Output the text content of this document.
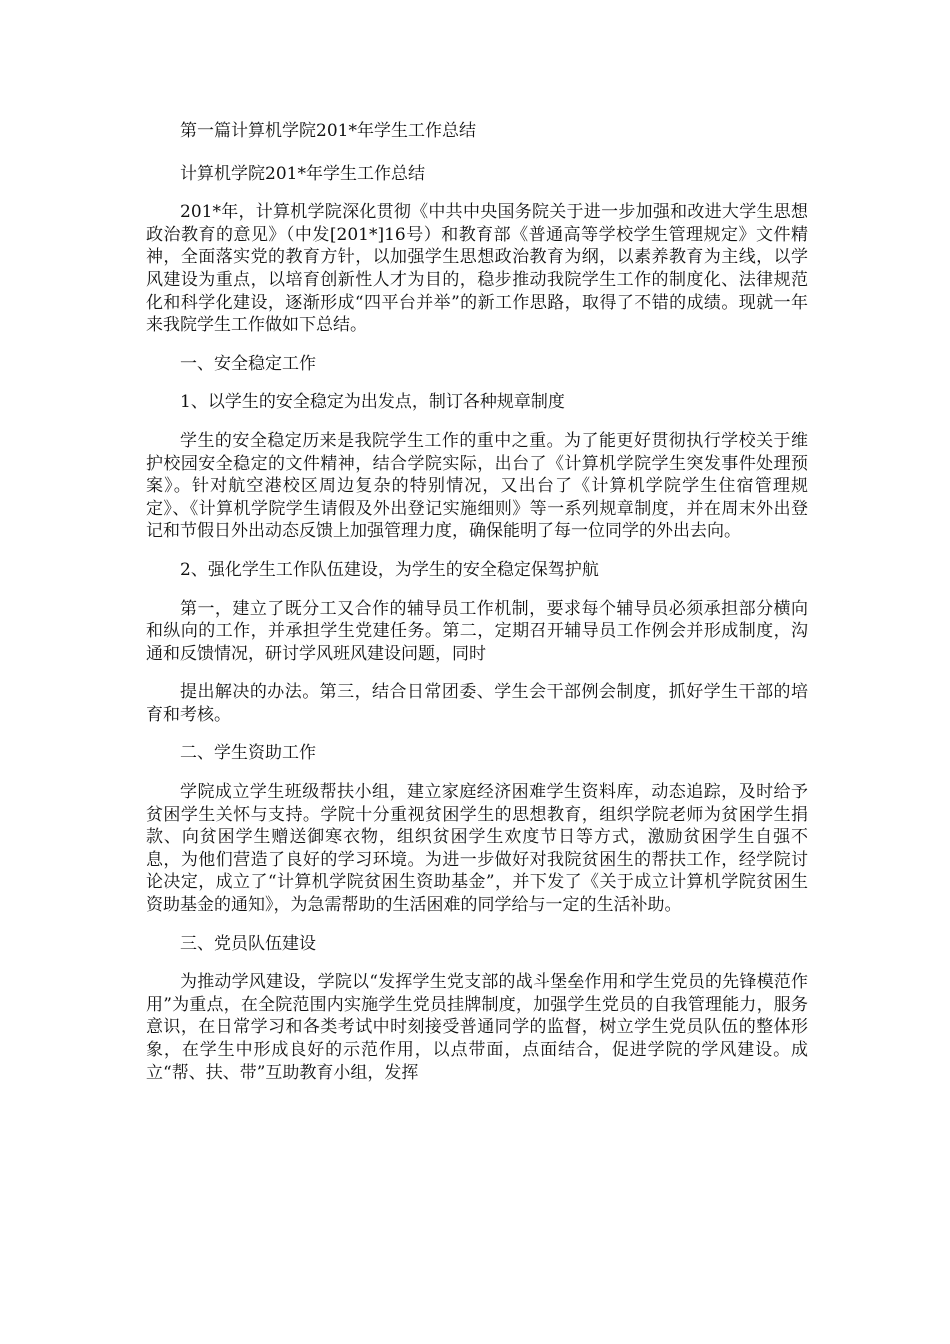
第一篇计算机学院201*年学生工作总结

计算机学院201*年学生工作总结

201*年，计算机学院深化贯彻《中共中央国务院关于进一步加强和改进大学生思想政治教育的意见》（中发[201*]16号）和教育部《普通高等学校学生管理规定》文件精神，全面落实党的教育方针，以加强学生思想政治教育为纲，以素养教育为主线，以学风建设为重点，以培育创新性人才为目的，稳步推动我院学生工作的制度化、法律规范化和科学化建设，逐渐形成“四平台并举”的新工作思路，取得了不错的成绩。现就一年来我院学生工作做如下总结。

一、安全稳定工作

1、以学生的安全稳定为出发点，制订各种规章制度

学生的安全稳定历来是我院学生工作的重中之重。为了能更好贯彻执行学校关于维护校园安全稳定的文件精神，结合学院实际，出台了《计算机学院学生突发事件处理预案》。针对航空港校区周边复杂的特别情况，又出台了《计算机学院学生住宿管理规定》、《计算机学院学生请假及外出登记实施细则》等一系列规章制度，并在周末外出登记和节假日外出动态反馈上加强管理力度，确保能明了每一位同学的外出去向。

2、强化学生工作队伍建设，为学生的安全稳定保驾护航

第一，建立了既分工又合作的辅导员工作机制，要求每个辅导员必须承担部分横向和纵向的工作，并承担学生党建任务。第二，定期召开辅导员工作例会并形成制度，沟通和反馈情况，研讨学风班风建设问题，同时

提出解决的办法。第三，结合日常团委、学生会干部例会制度，抓好学生干部的培育和考核。

二、学生资助工作

学院成立学生班级帮扶小组，建立家庭经济困难学生资料库，动态追踪，及时给予贫困学生关怀与支持。学院十分重视贫困学生的思想教育，组织学院老师为贫困学生捐款、向贫困学生赠送御寒衣物，组织贫困学生欢度节日等方式，激励贫困学生自强不息，为他们营造了良好的学习环境。为进一步做好对我院贫困生的帮扶工作，经学院讨论决定，成立了“计算机学院贫困生资助基金”，并下发了《关于成立计算机学院贫困生资助基金的通知》，为急需帮助的生活困难的同学给与一定的生活补助。

三、党员队伍建设

为推动学风建设，学院以“发挥学生党支部的战斗堡垒作用和学生党员的先锋模范作用”为重点，在全院范围内实施学生党员挂牌制度，加强学生党员的自我管理能力，服务意识，在日常学习和各类考试中时刻接受普通同学的监督，树立学生党员队伍的整体形象，在学生中形成良好的示范作用，以点带面，点面结合，促进学院的学风建设。成立“帮、扶、带”互助教育小组，发挥
